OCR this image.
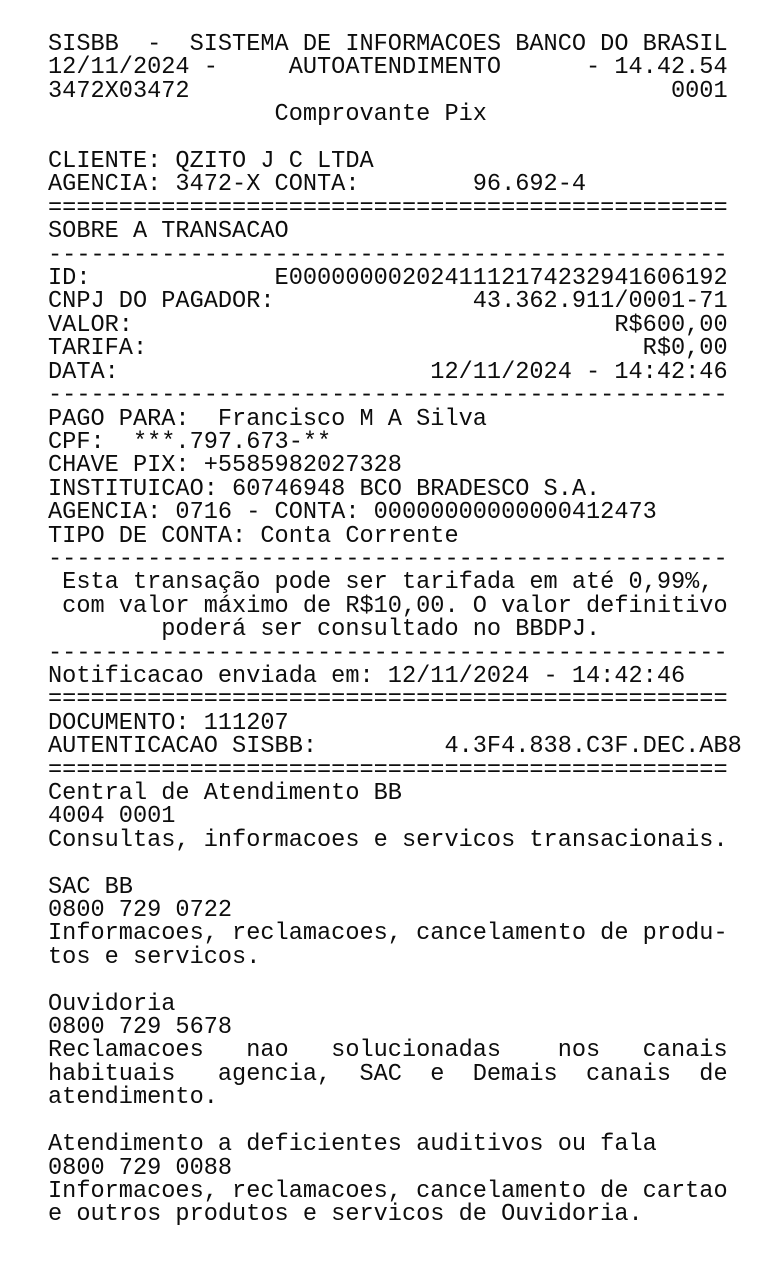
SISBB  -  SISTEMA DE INFORMACOES BANCO DO BRASIL
12/11/2024 -     AUTOATENDIMENTO      - 14.42.54
3472X03472                                  0001
Comprovante Pix
CLIENTE: QZITO J C LTDA
AGENCIA: 3472-X CONTA:        96.692-4
================================================
SOBRE A TRANSACAO
------------------------------------------------
ID:             E0000000020241112174232941606192
CNPJ DO PAGADOR:              43.362.911/0001-71
VALOR:                                  R$600,00
TARIFA:                                   R$0,00
DATA:                      12/11/2024 - 14:42:46
------------------------------------------------
PAGO PARA:  Francisco M A Silva
CPF:  ***.797.673-**
CHAVE PIX: +5585982027328
INSTITUICAO: 60746948 BCO BRADESCO S.A.
AGENCIA: 0716 - CONTA: 00000000000000412473
TIPO DE CONTA: Conta Corrente
------------------------------------------------
Esta transação pode ser tarifada em até 0,99%,
com valor máximo de R$10,00. O valor definitivo
poderá ser consultado no BBDPJ.
------------------------------------------------
Notificacao enviada em: 12/11/2024 - 14:42:46
================================================
DOCUMENTO: 111207
AUTENTICACAO SISBB:         4.3F4.838.C3F.DEC.AB8
================================================
Central de Atendimento BB
4004 0001
Consultas, informacoes e servicos transacionais.
SAC BB
0800 729 0722
Informacoes, reclamacoes, cancelamento de produ-
tos e servicos.
Ouvidoria
0800 729 5678
Reclamacoes   nao   solucionadas    nos   canais
habituais   agencia,  SAC  e  Demais  canais  de
atendimento.
Atendimento a deficientes auditivos ou fala
0800 729 0088
Informacoes, reclamacoes, cancelamento de cartao
e outros produtos e servicos de Ouvidoria.
